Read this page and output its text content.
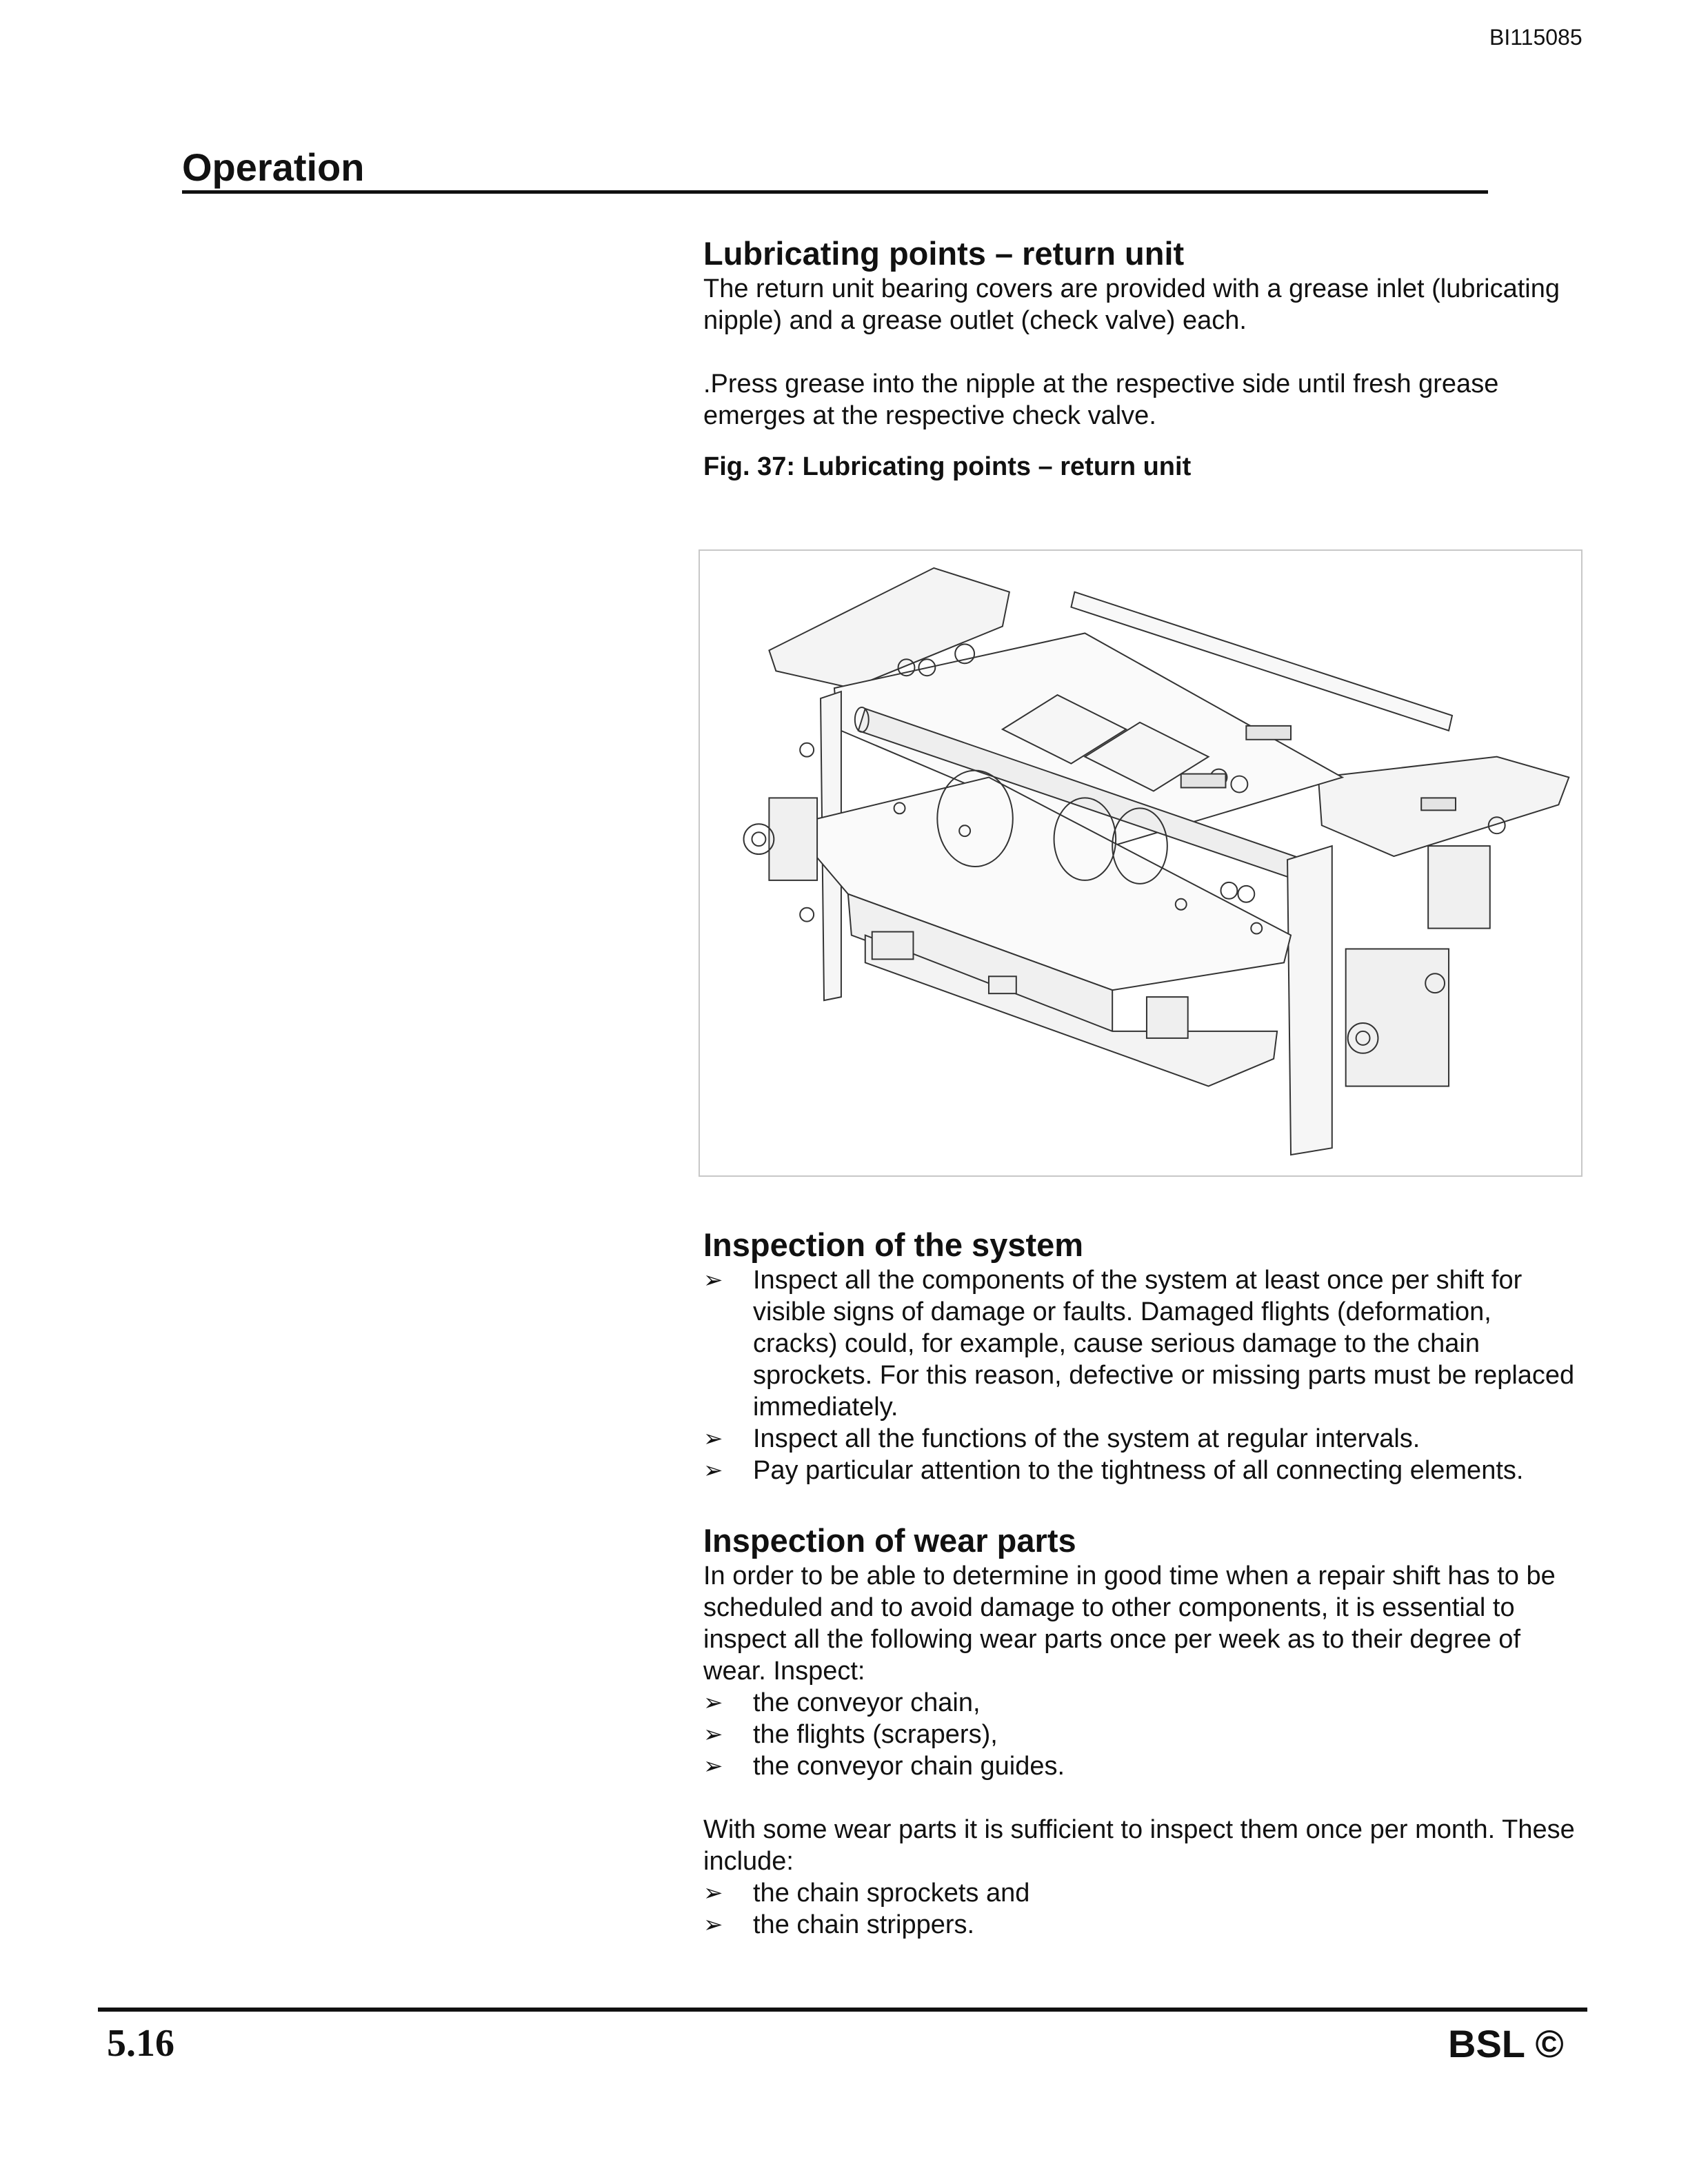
BI115085
Operation
Lubricating points – return unit

The return unit bearing covers are provided with a grease inlet (lubricating nipple) and a grease outlet (check valve) each.

.Press grease into the nipple at the respective side until fresh grease emerges at the respective check valve.

Fig. 37: Lubricating points – return unit

Inspection of the system
➢ Inspect all the components of the system at least once per shift for visible signs of damage or faults. Damaged flights (deformation, cracks) could, for example, cause serious damage to the chain sprockets. For this reason, defective or missing parts must be replaced immediately.
➢ Inspect all the functions of the system at regular intervals.
➢ Pay particular attention to the tightness of all connecting elements.
Inspection of wear parts

In order to be able to determine in good time when a repair shift has to be scheduled and to avoid damage to other components, it is essential to inspect all the following wear parts once per week as to their degree of wear. Inspect:

➢ the conveyor chain,
➢ the flights (scrapers),
➢ the conveyor chain guides.

With some wear parts it is sufficient to inspect them once per month. These include:

➢ the chain sprockets and
➢ the chain strippers.
5.16	BSL ©
